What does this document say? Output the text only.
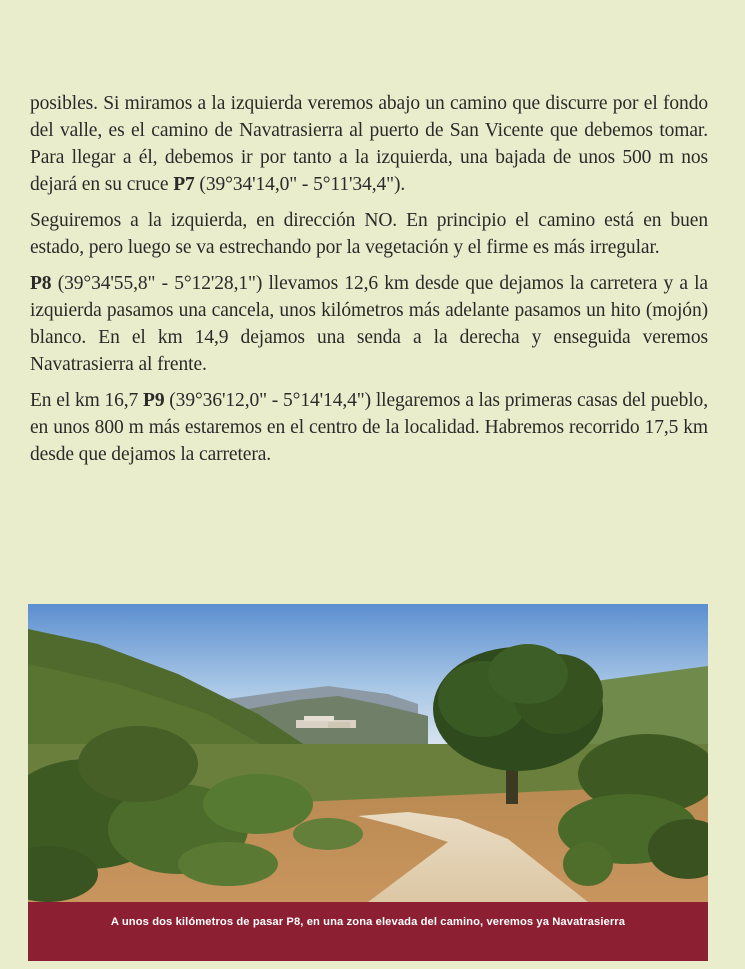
posibles. Si miramos a la izquierda veremos abajo un camino que discurre por el fondo del valle, es el camino de Navatrasierra al puerto de San Vicente que debemos tomar. Para llegar a él, debemos ir por tanto a la izquierda, una bajada de unos 500 m nos dejará en su cruce P7 (39°34'14,0" - 5°11'34,4").

Seguiremos a la izquierda, en dirección NO. En principio el camino está en buen estado, pero luego se va estrechando por la vegetación y el firme es más irregular.

P8 (39°34'55,8" - 5°12'28,1") llevamos 12,6 km desde que dejamos la carretera y a la izquierda pasamos una cancela, unos kilómetros más adelante pasamos un hito (mojón) blanco. En el km 14,9 dejamos una senda a la derecha y enseguida veremos Navatrasierra al frente.

En el km 16,7 P9 (39°36'12,0" - 5°14'14,4") llegaremos a las primeras casas del pueblo, en unos 800 m más estaremos en el centro de la localidad. Habremos recorrido 17,5 km desde que dejamos la carretera.

A unos dos kilómetros de pasar P8, en una zona elevada del camino, veremos ya Navatrasierra
